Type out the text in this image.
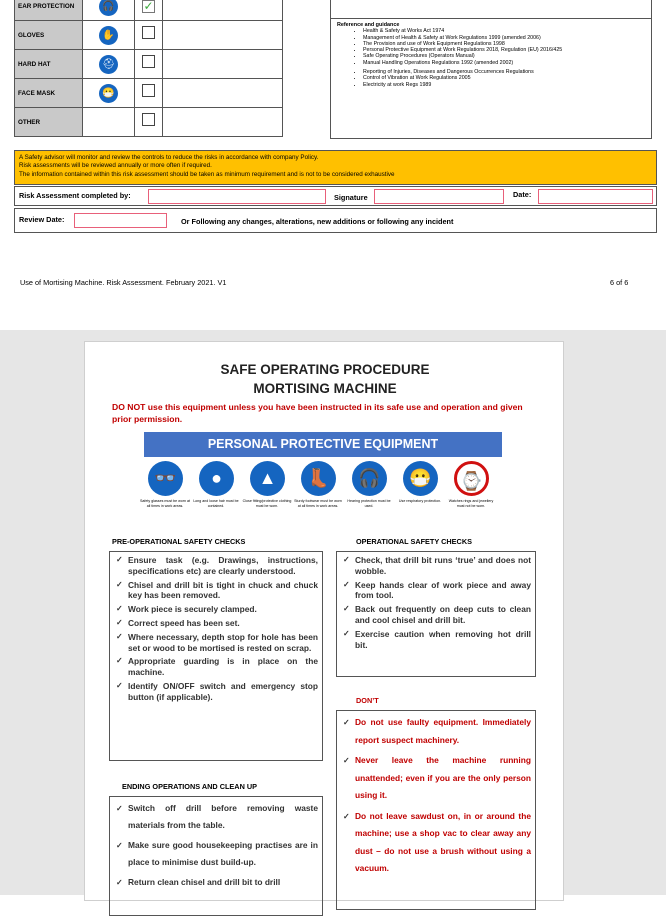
EAR PROTECTION	🎧	✓	
GLOVES	✋		
HARD HAT	⛑		
FACE MASK	😷		
OTHER			
Reference and guidance
• Health & Safety at Works Act 1974
• Management of Health & Safety at Work Regulations 1999 (amended 2006)
• The Provision and use of Work Equipment Regulations 1998
• Personal Protective Equipment at Work Regulations 2018, Regulation (EU) 2016/425
• Safe Operating Procedures (Operators Manual)
• Manual Handling Operations Regulations 1992 (amended 2002)
• Reporting of Injuries, Diseases and Dangerous Occurrences Regulations
• Control of Vibration at Work Regulations 2005
• Electricity at work Regs 1989
A Safety advisor will monitor and review the controls to reduce the risks in accordance with company Policy.
Risk assessments will be reviewed annually or more often if required.
The information contained within this risk assessment should be taken as minimum requirement and is not to be considered exhaustive
Risk Assessment completed by:	Signature	Date:
Review Date:	Or Following any changes, alterations, new additions or following any incident
Use of Mortising Machine. Risk Assessment. February 2021. V1	6 of 6
SAFE OPERATING PROCEDURE
MORTISING MACHINE
DO NOT use this equipment unless you have been instructed in its safe use and operation and given prior permission.
PERSONAL PROTECTIVE EQUIPMENT
👓
Safety glasses must be worn at all times in work areas.
●
Long and loose hair must be contained.
▲
Close fitting/protective clothing must be worn.
👢
Sturdy footwear must be worn at all times in work areas.
🎧
Hearing protection must be used.
😷
Use respiratory protection.
⌚
Watches rings and jewellery must not be worn.
PRE-OPERATIONAL SAFETY CHECKS
✓ Ensure task (e.g. Drawings, instructions, specifications etc) are clearly understood.
✓ Chisel and drill bit is tight in chuck and chuck key has been removed.
✓ Work piece is securely clamped.
✓ Correct speed has been set.
✓ Where necessary, depth stop for hole has been set or wood to be mortised is rested on scrap.
✓ Appropriate guarding is in place on the machine.
✓ Identify ON/OFF switch and emergency stop button (if applicable).
OPERATIONAL SAFETY CHECKS
✓ Check, that drill bit runs ‘true’ and does not wobble.
✓ Keep hands clear of work piece and away from tool.
✓ Back out frequently on deep cuts to clean and cool chisel and drill bit.
✓ Exercise caution when removing hot drill bit.
DON’T
✓ Do not use faulty equipment. Immediately report suspect machinery.
✓ Never leave the machine running unattended; even if you are the only person using it.
✓ Do not leave sawdust on, in or around the machine; use a shop vac to clear away any dust – do not use a brush without using a vacuum.
ENDING OPERATIONS AND CLEAN UP
✓ Switch off drill before removing waste materials from the table.
✓ Make sure good housekeeping practises are in place to minimise dust build-up.
✓ Return clean chisel and drill bit to drill
